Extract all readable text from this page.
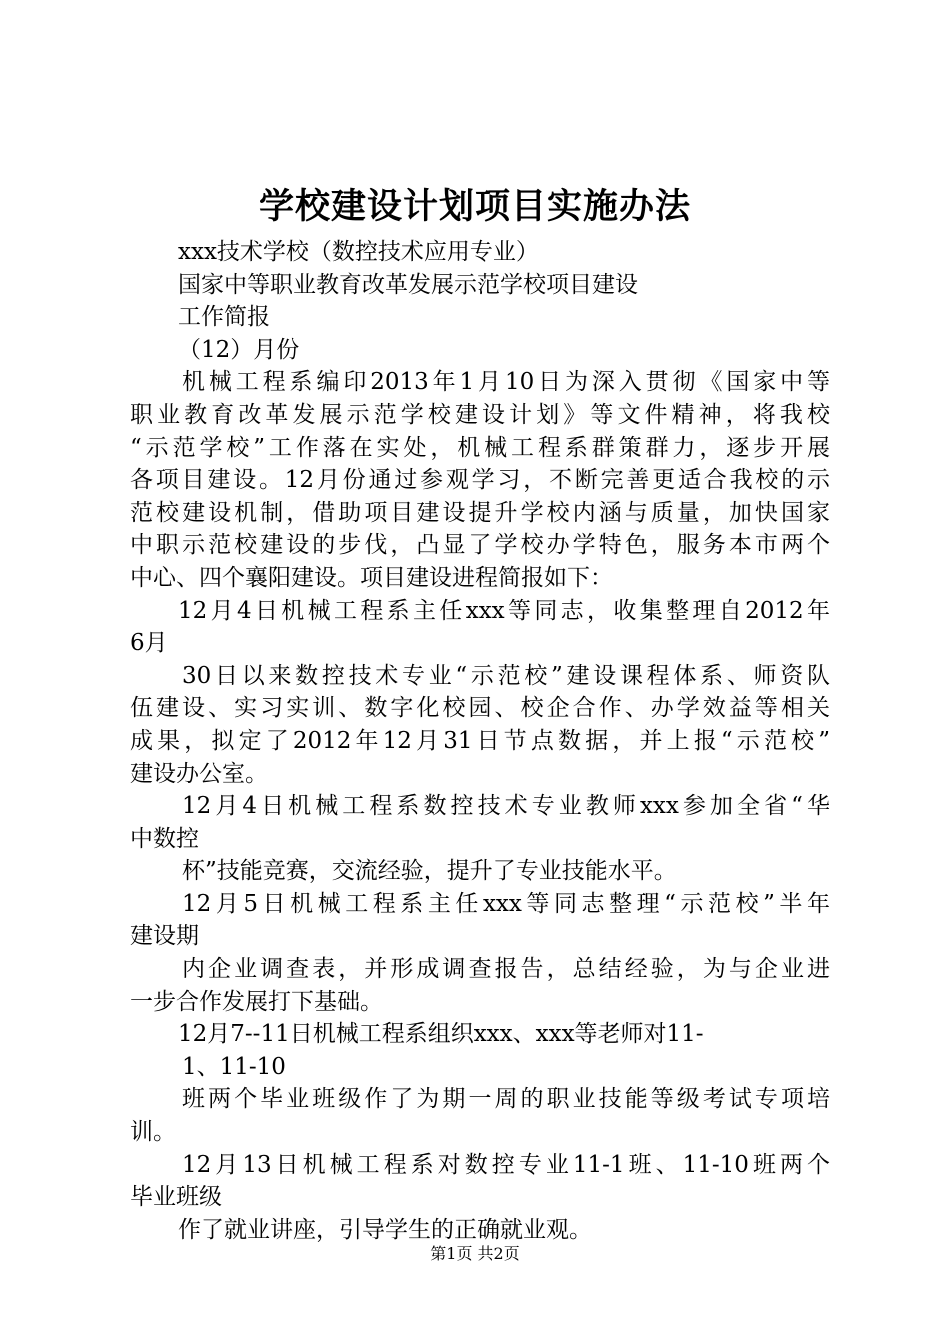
学校建设计划项目实施办法
xxx技术学校（数控技术应用专业）
国家中等职业教育改革发展示范学校项目建设
工作简报
（12）月份
机械工程系编印2013年1月10日为深入贯彻《国家中等
职业教育改革发展示范学校建设计划》等文件精神，将我校
“示范学校”工作落在实处，机械工程系群策群力，逐步开展
各项目建设。12月份通过参观学习，不断完善更适合我校的示
范校建设机制，借助项目建设提升学校内涵与质量，加快国家
中职示范校建设的步伐，凸显了学校办学特色，服务本市两个
中心、四个襄阳建设。项目建设进程简报如下：
12月4日机械工程系主任xxx等同志，收集整理自2012年
6月
30日以来数控技术专业“示范校”建设课程体系、师资队
伍建设、实习实训、数字化校园、校企合作、办学效益等相关
成果，拟定了2012年12月31日节点数据，并上报“示范校”
建设办公室。
12月4日机械工程系数控技术专业教师xxx参加全省“华
中数控
杯”技能竞赛，交流经验，提升了专业技能水平。
12月5日机械工程系主任xxx等同志整理“示范校”半年
建设期
内企业调查表，并形成调查报告，总结经验，为与企业进
一步合作发展打下基础。
12月7--11日机械工程系组织xxx、xxx等老师对11-
1、11-10
班两个毕业班级作了为期一周的职业技能等级考试专项培
训。
12月13日机械工程系对数控专业11-1班、11-10班两个
毕业班级
作了就业讲座，引导学生的正确就业观。
第1页 共2页
